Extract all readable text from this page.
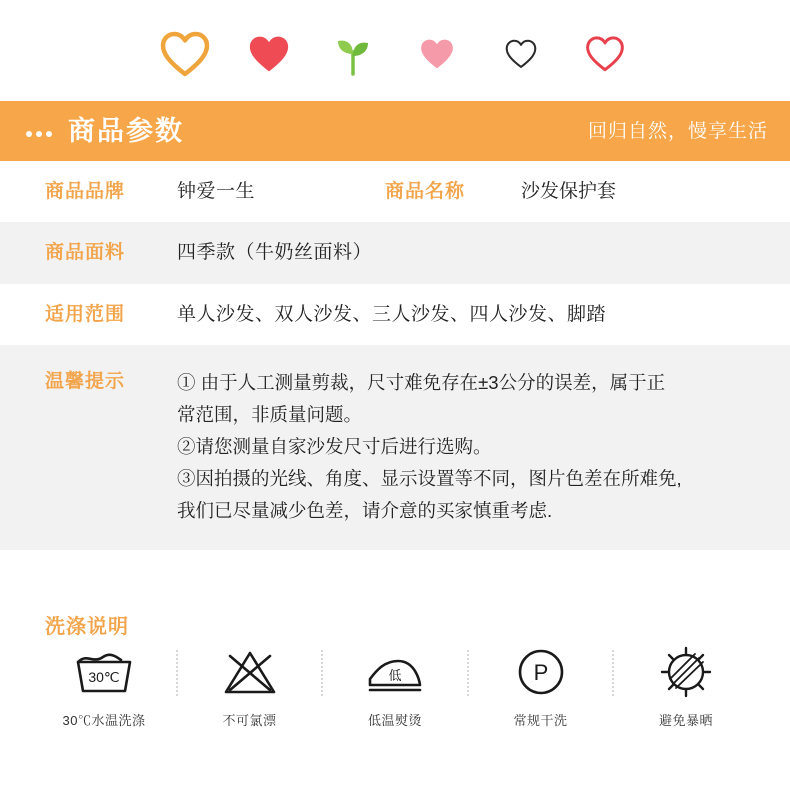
商品参数	回归自然，慢享生活
商品品牌	钟爱一生	商品名称	沙发保护套
商品面料	四季款（牛奶丝面料）
适用范围	单人沙发、双人沙发、三人沙发、四人沙发、脚踏
温馨提示	① 由于人工测量剪裁，尺寸难免存在±3公分的误差，属于正

常范围，非质量问题。

②请您测量自家沙发尺寸后进行选购。

③因拍摄的光线、角度、显示设置等不同，图片色差在所难免,

我们已尽量减少色差，请介意的买家慎重考虑.

洗涤说明
30℃
30℃水温洗涤	不可氯漂
低
低温熨烫
P
常规干洗	避免暴晒
